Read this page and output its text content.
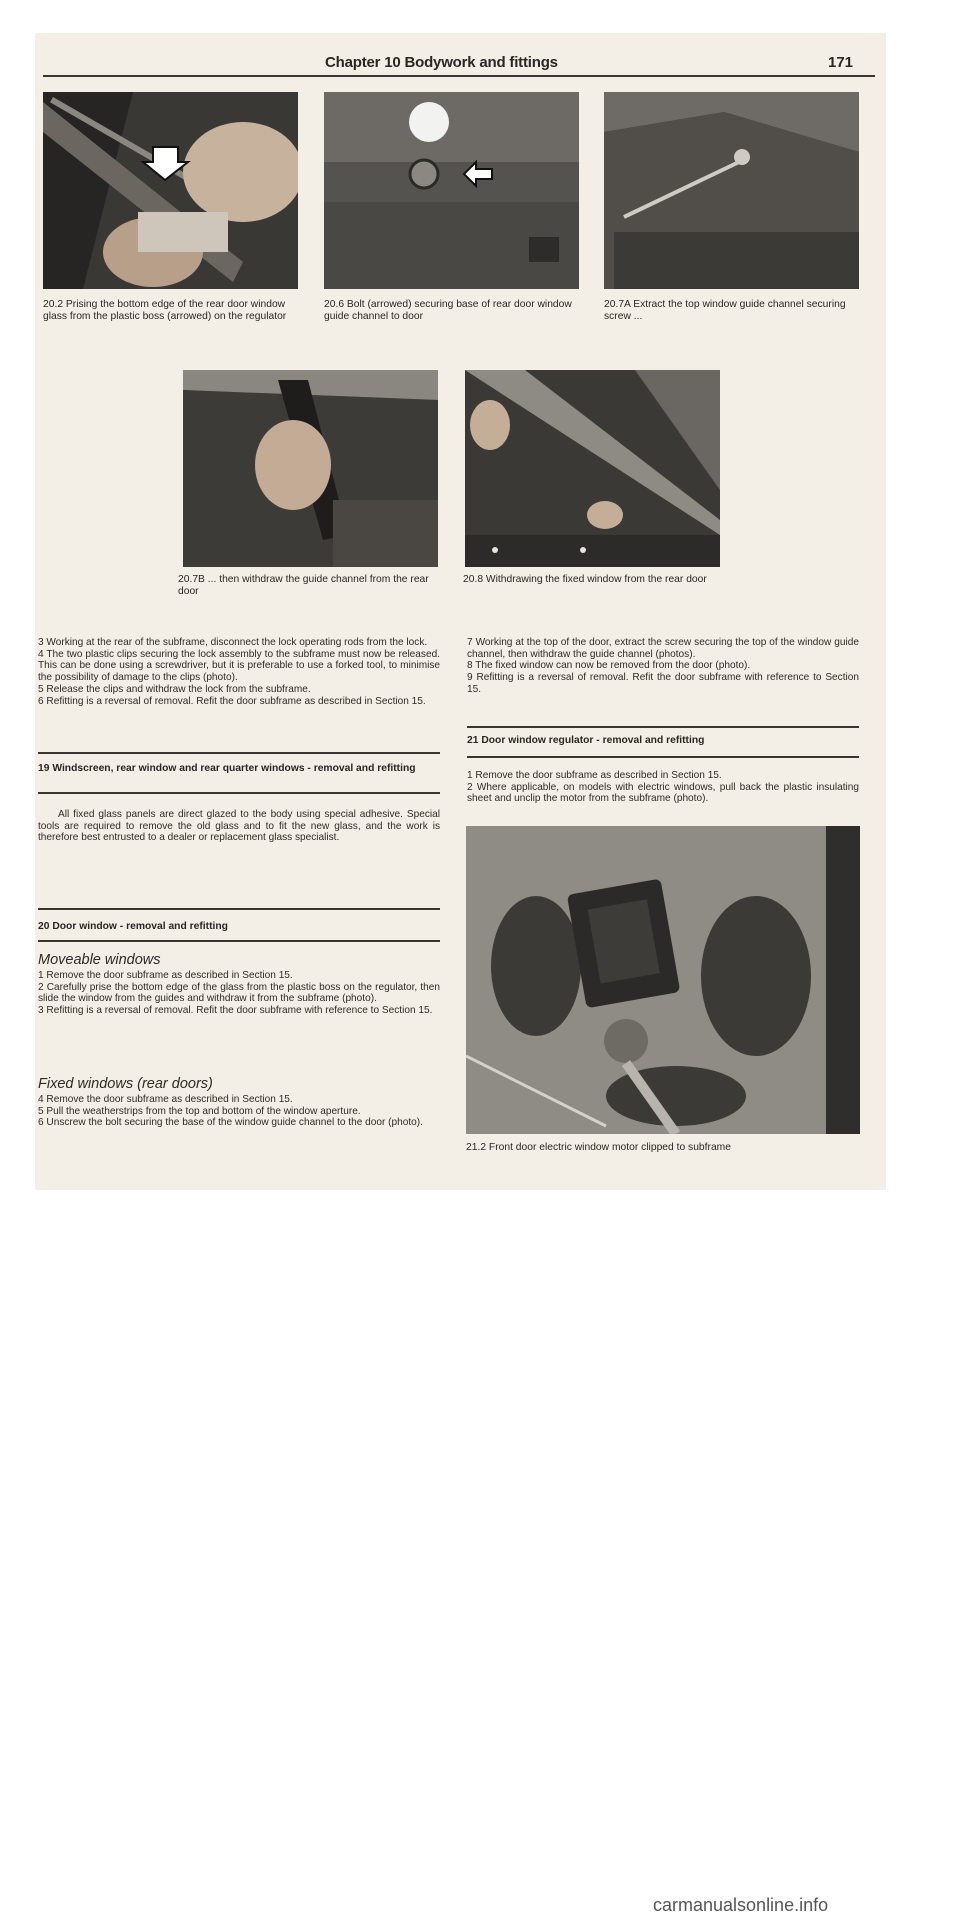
Chapter 10 Bodywork and fittings	171
20.2 Prising the bottom edge of the rear door window glass from the plastic boss (arrowed) on the regulator
20.6 Bolt (arrowed) securing base of rear door window guide channel to door
20.7A Extract the top window guide channel securing screw ...
20.7B ... then withdraw the guide channel from the rear door
20.8 Withdrawing the fixed window from the rear door

3 Working at the rear of the subframe, disconnect the lock operating rods from the lock.

4 The two plastic clips securing the lock assembly to the subframe must now be released. This can be done using a screwdriver, but it is preferable to use a forked tool, to minimise the possibility of damage to the clips (photo).

5 Release the clips and withdraw the lock from the subframe.

6 Refitting is a reversal of removal. Refit the door subframe as described in Section 15.

19 Windscreen, rear window and rear quarter windows - removal and refitting
All fixed glass panels are direct glazed to the body using special adhesive. Special tools are required to remove the old glass and to fit the new glass, and the work is therefore best entrusted to a dealer or replacement glass specialist.
20 Door window - removal and refitting
Moveable windows

1 Remove the door subframe as described in Section 15.

2 Carefully prise the bottom edge of the glass from the plastic boss on the regulator, then slide the window from the guides and withdraw it from the subframe (photo).

3 Refitting is a reversal of removal. Refit the door subframe with reference to Section 15.

Fixed windows (rear doors)

4 Remove the door subframe as described in Section 15.

5 Pull the weatherstrips from the top and bottom of the window aperture.

6 Unscrew the bolt securing the base of the window guide channel to the door (photo).

7 Working at the top of the door, extract the screw securing the top of the window guide channel, then withdraw the guide channel (photos).

8 The fixed window can now be removed from the door (photo).

9 Refitting is a reversal of removal. Refit the door subframe with reference to Section 15.

21 Door window regulator - removal and refitting

1 Remove the door subframe as described in Section 15.

2 Where applicable, on models with electric windows, pull back the plastic insulating sheet and unclip the motor from the subframe (photo).

21.2 Front door electric window motor clipped to subframe
carmanualsonline.info
